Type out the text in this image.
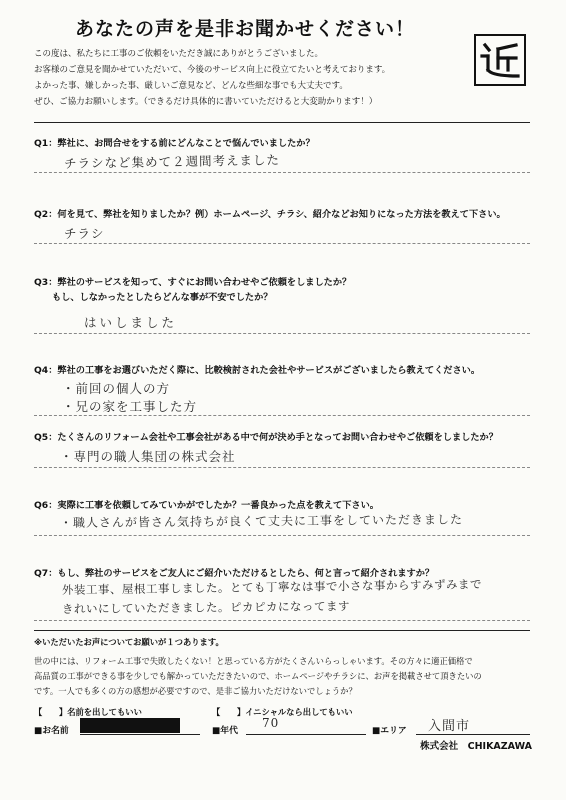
あなたの声を是非お聞かせください！
この度は、私たちに工事のご依頼をいただき誠にありがとうございました。
お客様のご意見を聞かせていただいて、今後のサービス向上に役立てたいと考えております。
よかった事、嫌しかった事、厳しいご意見など、どんな些細な事でも大丈夫です。
ぜひ、ご協力お願いします。（できるだけ具体的に書いていただけると大変助かります！）
Q1：弊社に、お問合せをする前にどんなことで悩んでいましたか？
チラシなど集めて２週間考えました
Q2：何を見て、弊社を知りましたか？例）ホームページ、チラシ、紹介などお知りになった方法を教えて下さい。
チラシ
Q3：弊社のサービスを知って、すぐにお問い合わせやご依頼をしましたか？
もし、しなかったとしたらどんな事が不安でしたか？
はいしました
Q4：弊社の工事をお選びいただく際に、比較検討された会社やサービスがございましたら教えてください。
・前回の個人の方
・兄の家を工事した方
Q5：たくさんのリフォーム会社や工事会社がある中で何が決め手となってお問い合わせやご依頼をしましたか？
・専門の職人集団の株式会社
Q6：実際に工事を依頼してみていかがでしたか？一番良かった点を教えて下さい。
・職人さんが皆さん気持ちが良くて丈夫に工事をしていただきました
Q7：もし、弊社のサービスをご友人にご紹介いただけるとしたら、何と言って紹介されますか？
外装工事、屋根工事しました。とても丁寧なは事で小さな事からすみずみまで
きれいにしていただきました。ピカピカになってます
※いただいたお声についてお願いが１つあります。
世の中には、リフォーム工事で失敗したくない！と思っている方がたくさんいらっしゃいます。その方々に適正価格で
高品質の工事ができる事を少しでも解かっていただきたいので、ホームページやチラシに、お声を掲載させて頂きたいの
です。一人でも多くの方の感想が必要ですので、是非ご協力いただけないでしょうか？
【　　】名前を出してもいい	【　　】イニシャルなら出してもいい
■お名前	■年代
70
■エリア 入間市
株式会社　CHIKAZAWA
